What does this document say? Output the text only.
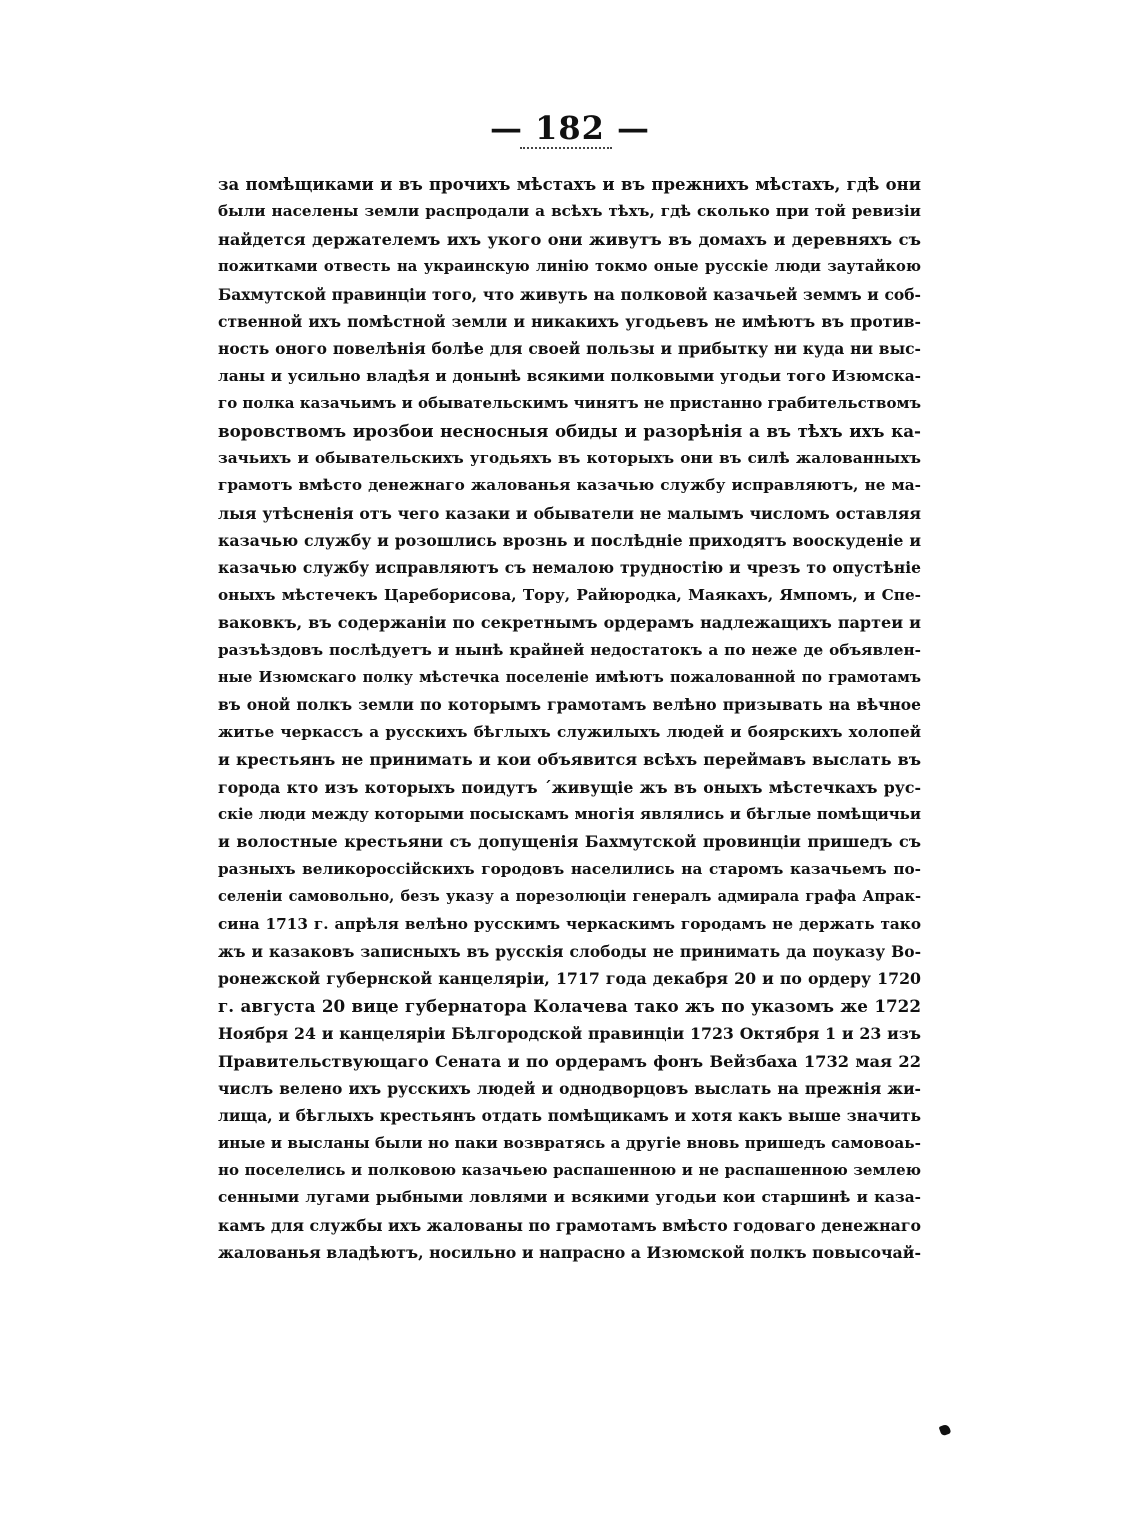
— 182 —
за помѣщиками и въ прочихъ мѣстахъ и въ прежнихъ мѣстахъ, гдѣ они
были населены земли распродали а всѣхъ тѣхъ, гдѣ сколько при той ревизіи
найдется держателемъ ихъ укого они живутъ въ домахъ и деревняхъ съ
пожитками отвесть на украинскую линію токмо оные русскіе люди заутайкою
Бахмутской правинціи того, что живуть на полковой казачьей земмъ и соб-
ственной ихъ помѣстной земли и никакихъ угодьевъ не имѣютъ въ против-
ность оного повелѣнія болѣе для своей пользы и прибытку ни куда ни выс-
ланы и усильно владѣя и донынѣ всякими полковыми угодьи того Изюмска-
го полка казачьимъ и обывательскимъ чинятъ не пристанно грабительствомъ
воровствомъ ирозбои несносныя обиды и разорѣнія а въ тѣхъ ихъ ка-
зачьихъ и обывательскихъ угодьяхъ въ которыхъ они въ силѣ жалованныхъ
грамотъ вмѣсто денежнаго жалованья казачью службу исправляютъ, не ма-
лыя утѣсненія отъ чего казаки и обыватели не малымъ числомъ оставляя
казачью службу и розошлись врознь и послѣдніе приходятъ вооскуденіе и
казачью службу исправляютъ съ немалою трудностію и чрезъ то опустѣніе
оныхъ мѣстечекъ Цареборисова, Тору, Райюродка, Маякахъ, Ямпомъ, и Спе-
ваковкъ, въ содержаніи по секретнымъ ордерамъ надлежащихъ партеи и
разъѣздовъ послѣдуетъ и нынѣ крайней недостатокъ а по неже де объявлен-
ные Изюмскаго полку мѣстечка поселеніе имѣютъ пожалованной по грамотамъ
въ оной полкъ земли по которымъ грамотамъ велѣно призывать на вѣчное
житье черкассъ а русскихъ бѣглыхъ служилыхъ людей и боярскихъ холопей
и крестьянъ не принимать и кои объявится всѣхъ переймавъ выслать въ
города кто изъ которыхъ поидутъ ´живущіе жъ въ оныхъ мѣстечкахъ рус-
скіе люди между которыми посыскамъ многія являлись и бѣглые помѣщичьи
и волостные крестьяни съ допущенія Бахмутской провинціи пришедъ съ
разныхъ великороссійскихъ городовъ населились на старомъ казачьемъ по-
селеніи самовольно, безъ указу а порезолюціи генералъ адмирала графа Апрак-
сина 1713 г. апрѣля велѣно русскимъ черкаскимъ городамъ не держать тако
жъ и казаковъ записныхъ въ русскія слободы не принимать да поуказу Во-
ронежской губернской канцеляріи, 1717 года декабря 20 и по ордеру 1720
г. августа 20 вице губернатора Колачева тако жъ по указомъ же 1722
Ноября 24 и канцеляріи Бѣлгородской правинціи 1723 Октября 1 и 23 изъ
Правительствующаго Сената и по ордерамъ фонъ Вейзбаха 1732 мая 22
числъ велено ихъ русскихъ людей и однодворцовъ выслать на прежнія жи-
лища, и бѣглыхъ крестьянъ отдать помѣщикамъ и хотя какъ выше значить
иные и высланы были но паки возвратясь а другіе вновь пришедъ самовоаь-
но поселелись и полковою казачьею распашенною и не распашенною землею
сенными лугами рыбными ловлями и всякими угодьи кои старшинѣ и каза-
камъ для службы ихъ жалованы по грамотамъ вмѣсто годоваго денежнаго
жалованья владѣютъ, носильно и напрасно а Изюмской полкъ повысочай-
